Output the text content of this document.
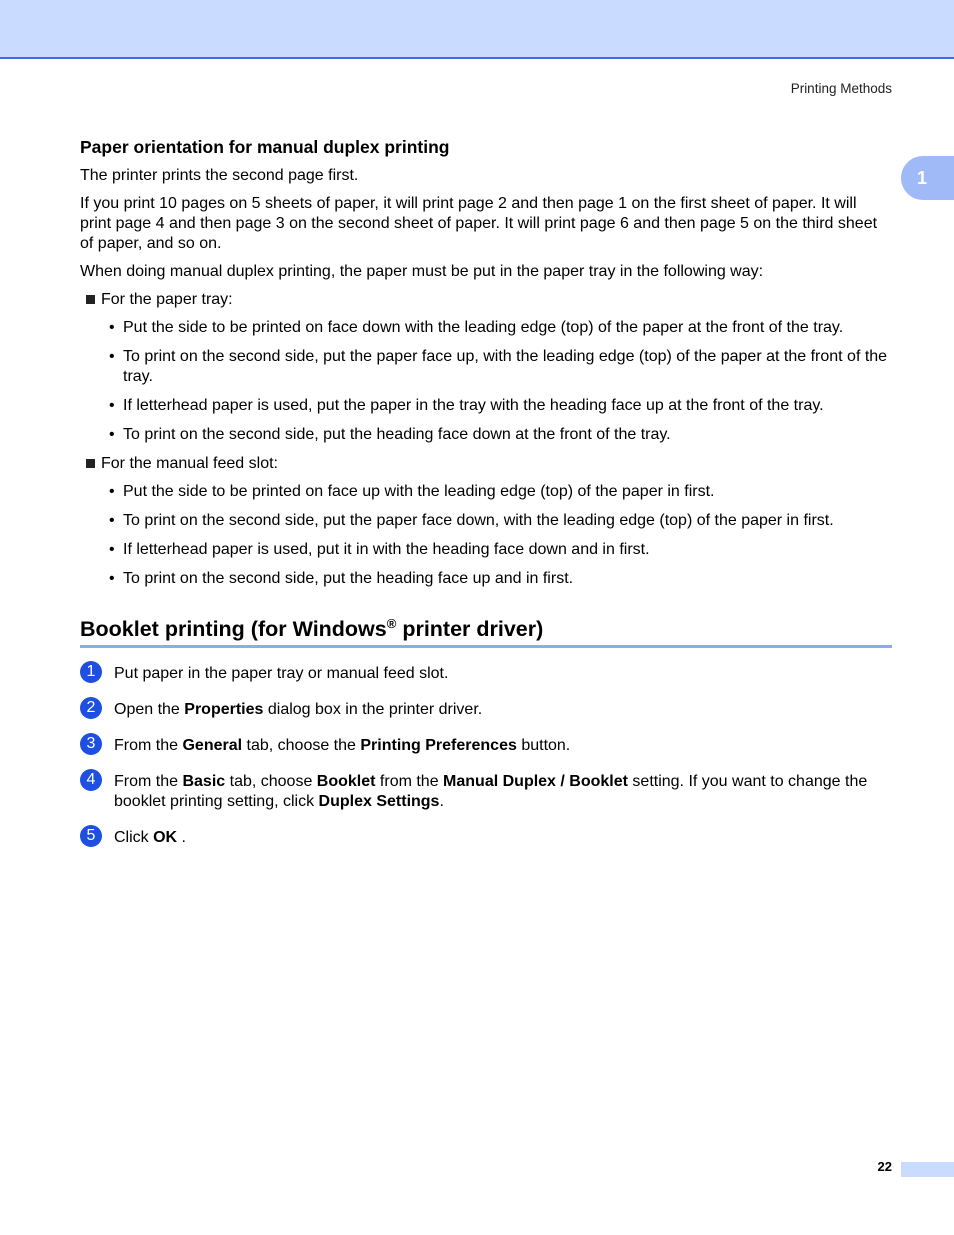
Printing Methods
1
Paper orientation for manual duplex printing

The printer prints the second page first.

If you print 10 pages on 5 sheets of paper, it will print page 2 and then page 1 on the first sheet of paper. It will print page 4 and then page 3 on the second sheet of paper. It will print page 6 and then page 5 on the third sheet of paper, and so on.

When doing manual duplex printing, the paper must be put in the paper tray in the following way:

For the paper tray:
• Put the side to be printed on face down with the leading edge (top) of the paper at the front of the tray.
• To print on the second side, put the paper face up, with the leading edge (top) of the paper at the front of the tray.
• If letterhead paper is used, put the paper in the tray with the heading face up at the front of the tray.
• To print on the second side, put the heading face down at the front of the tray.
For the manual feed slot:
• Put the side to be printed on face up with the leading edge (top) of the paper in first.
• To print on the second side, put the paper face down, with the leading edge (top) of the paper in first.
• If letterhead paper is used, put it in with the heading face down and in first.
• To print on the second side, put the heading face up and in first.
Booklet printing (for Windows® printer driver)
1	Put paper in the paper tray or manual feed slot.
2	Open the Properties dialog box in the printer driver.
3	From the General tab, choose the Printing Preferences button.
4	From the Basic tab, choose Booklet from the Manual Duplex / Booklet setting. If you want to change the booklet printing setting, click Duplex Settings.
5	Click OK .
22
